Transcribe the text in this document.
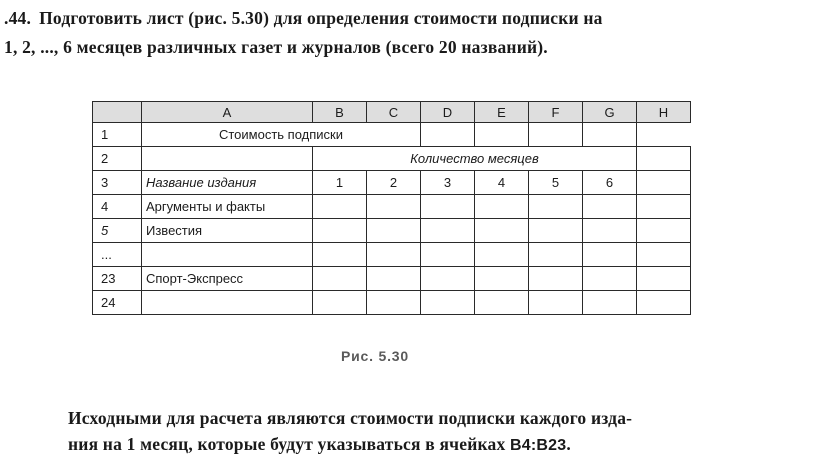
.44. Подготовить лист (рис. 5.30) для определения стоимости подписки на
1, 2, ..., 6 месяцев различных газет и журналов (всего 20 названий).
	A	B	C	D	E	F	G	H
1	Стоимость подписки							
2		Количество месяцев						
3	Название издания	1	2	3	4	5	6	
4	Аргументы и факты							
5	Известия							
...								
23	Спорт-Экспресс							
24								
Рис. 5.30
Исходными для расчета являются стоимости подписки каждого изда-
ния на 1 месяц, которые будут указываться в ячейках B4:B23.
